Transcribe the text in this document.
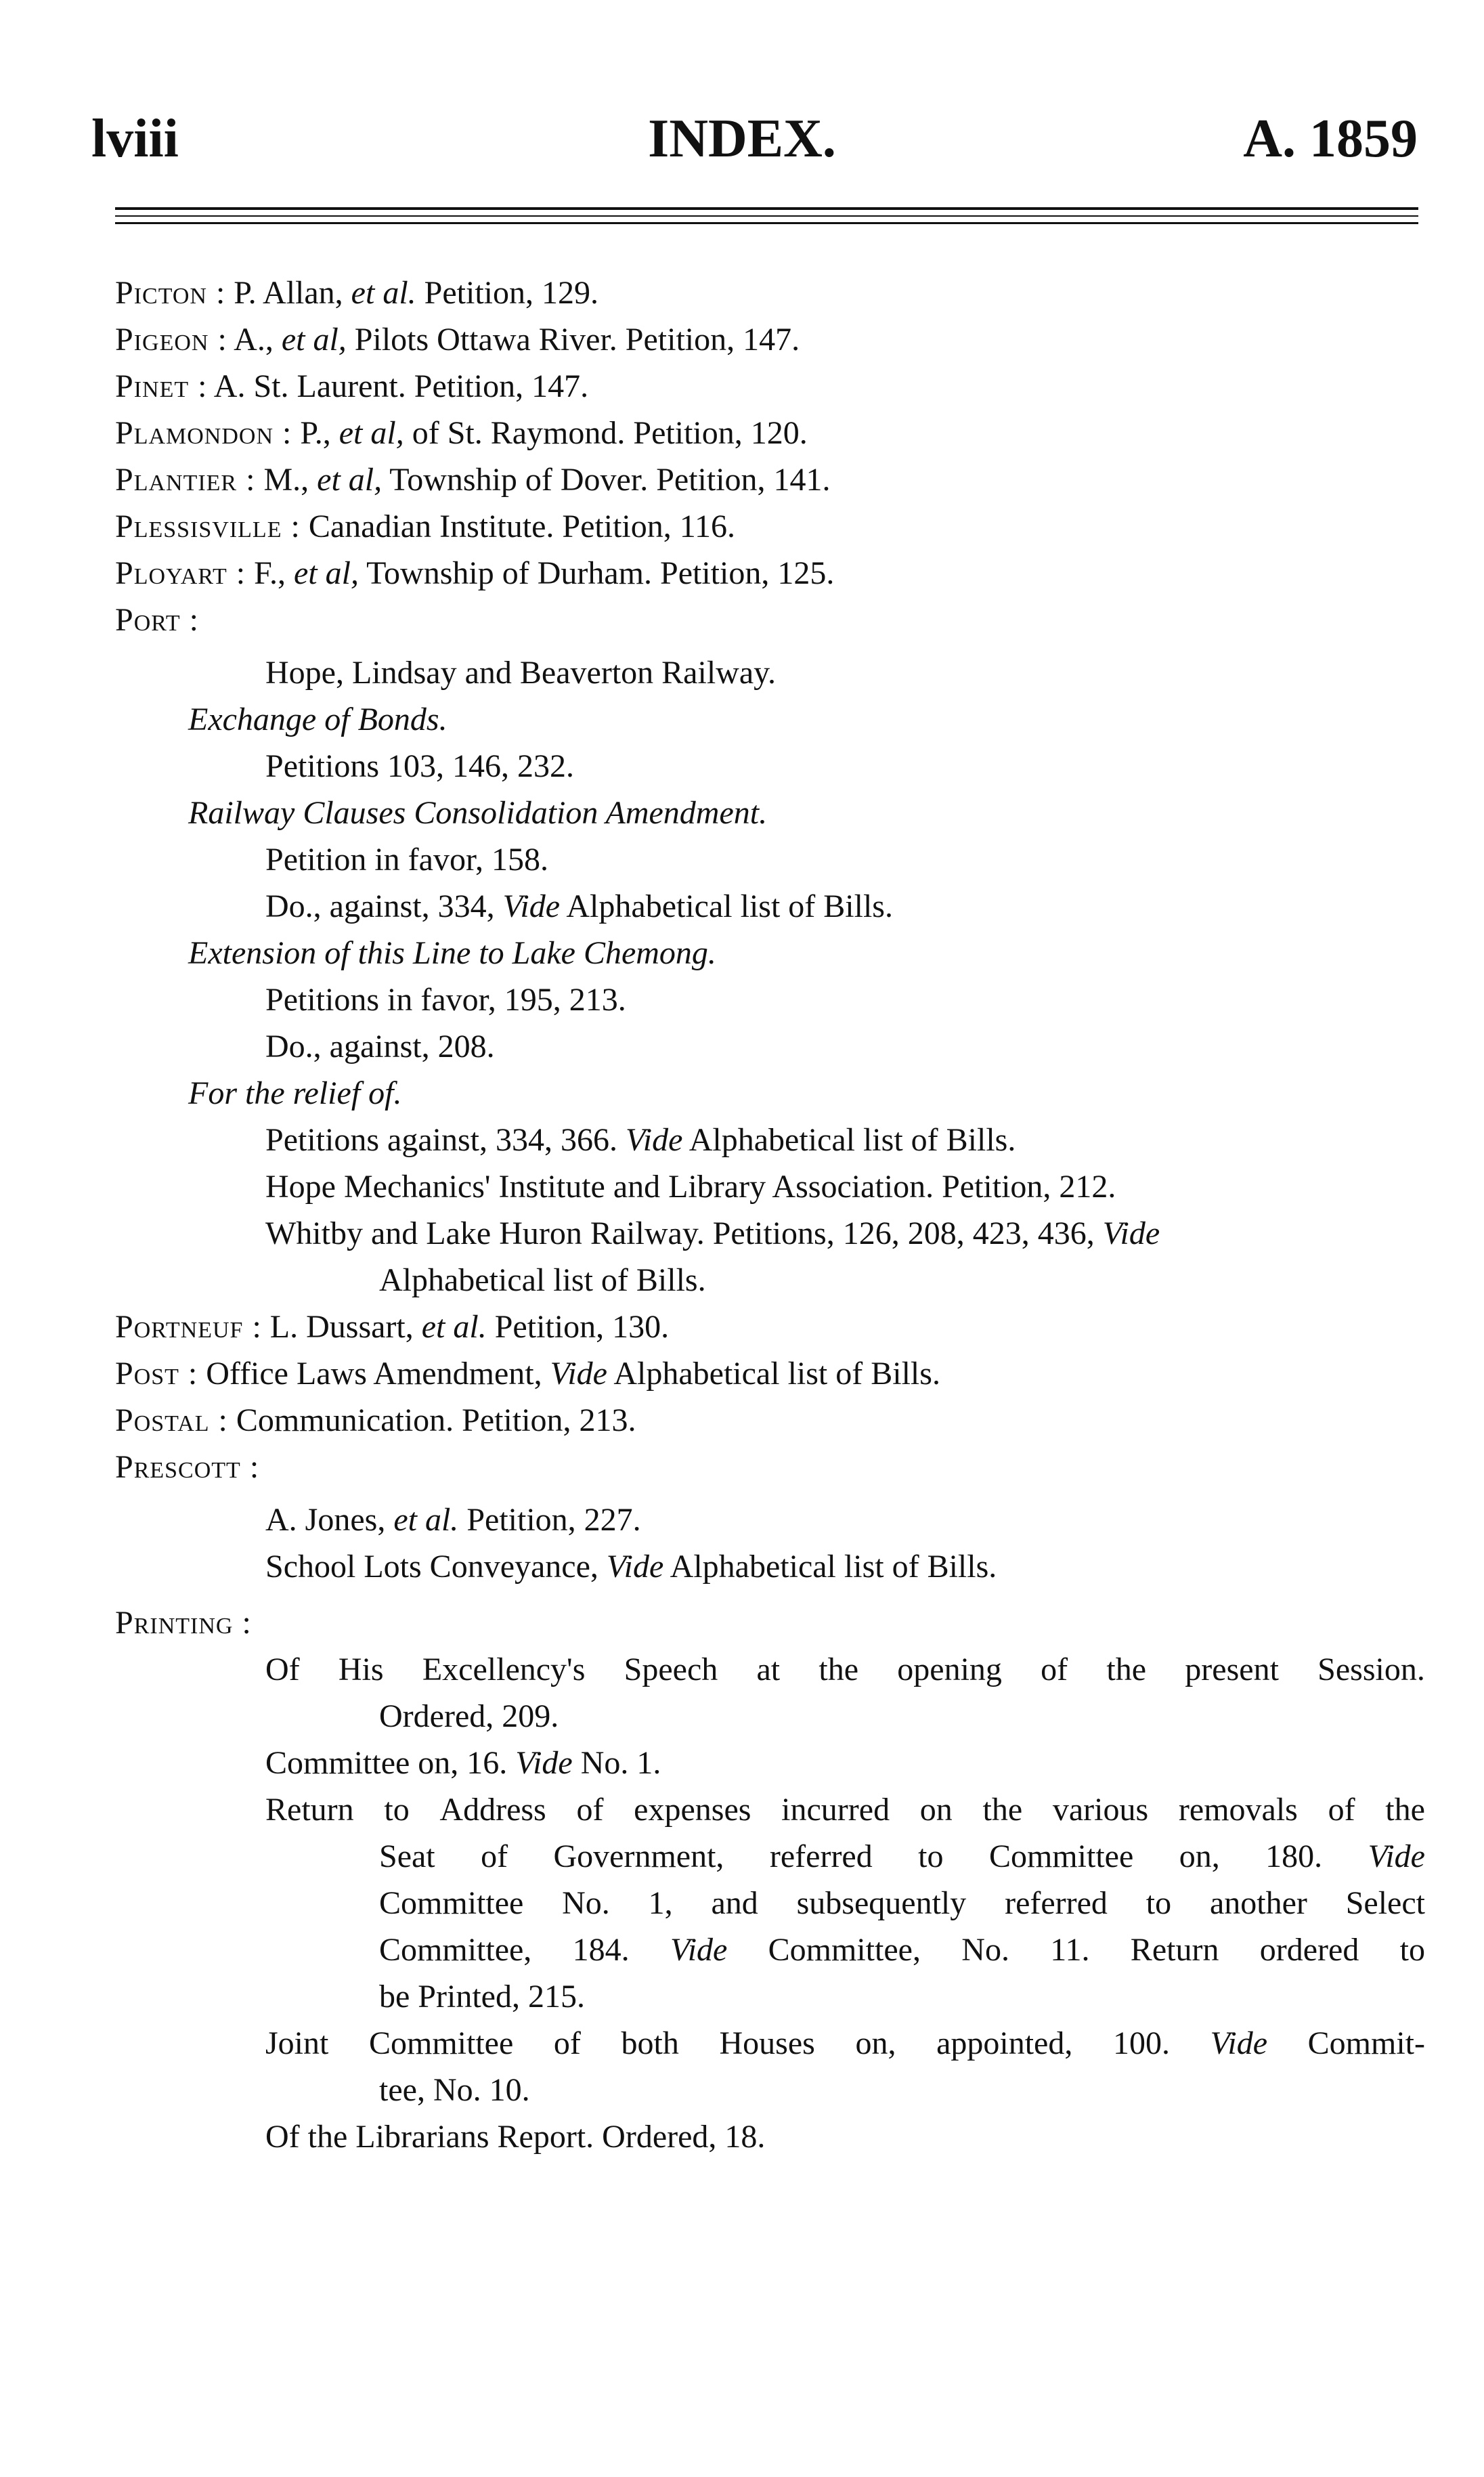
lviii	INDEX.	A. 1859
Picton : P. Allan, et al. Petition, 129.
Pigeon : A., et al, Pilots Ottawa River. Petition, 147.
Pinet : A. St. Laurent. Petition, 147.
Plamondon : P., et al, of St. Raymond. Petition, 120.
Plantier : M., et al, Township of Dover. Petition, 141.
Plessisville : Canadian Institute. Petition, 116.
Ployart : F., et al, Township of Durham. Petition, 125.
Port :
Hope, Lindsay and Beaverton Railway.
Exchange of Bonds.
Petitions 103, 146, 232.
Railway Clauses Consolidation Amendment.
Petition in favor, 158.
Do., against, 334, Vide Alphabetical list of Bills.
Extension of this Line to Lake Chemong.
Petitions in favor, 195, 213.
Do., against, 208.
For the relief of.
Petitions against, 334, 366. Vide Alphabetical list of Bills.
Hope Mechanics' Institute and Library Association. Petition, 212.
Whitby and Lake Huron Railway. Petitions, 126, 208, 423, 436, Vide
Alphabetical list of Bills.
Portneuf : L. Dussart, et al. Petition, 130.
Post : Office Laws Amendment, Vide Alphabetical list of Bills.
Postal : Communication. Petition, 213.
Prescott :
A. Jones, et al. Petition, 227.
School Lots Conveyance, Vide Alphabetical list of Bills.
Printing :
Of His Excellency's Speech at the opening of the present Session.
Ordered, 209.
Committee on, 16. Vide No. 1.
Return to Address of expenses incurred on the various removals of the
Seat of Government, referred to Committee on, 180. Vide
Committee No. 1, and subsequently referred to another Select
Committee, 184. Vide Committee, No. 11. Return ordered to
be Printed, 215.
Joint Committee of both Houses on, appointed, 100. Vide Commit-
tee, No. 10.
Of the Librarians Report. Ordered, 18.
